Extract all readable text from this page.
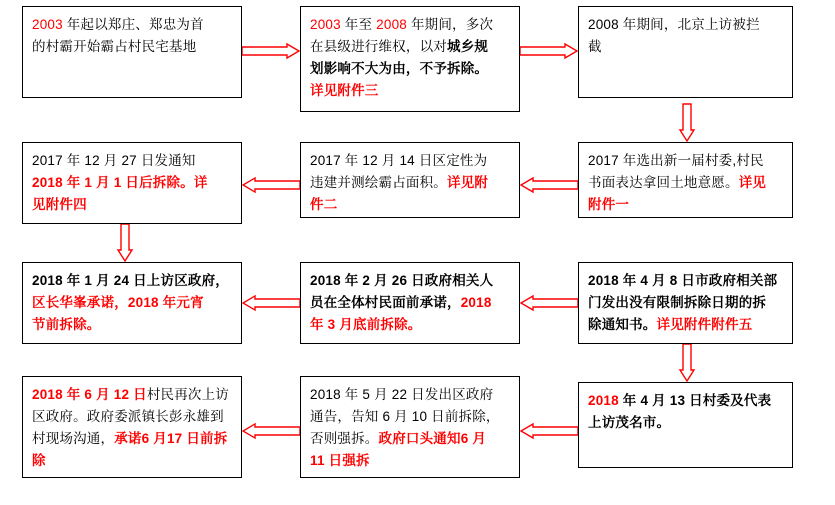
2003 年起以郑庄、郑忠为首

的村霸开始霸占村民宅基地

2003 年至 2008 年期间，多次

在县级进行维权，以对城乡规

划影响不大为由，不予拆除。

详见附件三

2008 年期间，北京上访被拦

截

2017 年选出新一届村委,村民

书面表达拿回土地意愿。详见

附件一

2017 年 12 月 14 日区定性为

违建并测绘霸占面积。详见附

件二

2017 年 12 月 27 日发通知

2018 年 1 月 1 日后拆除。详

见附件四

2018 年 1 月 24 日上访区政府，

区长华峯承诺，2018 年元宵

节前拆除。

2018 年 2 月 26 日政府相关人

员在全体村民面前承诺，2018

年 3 月底前拆除。

2018 年 4 月 8 日市政府相关部

门发出没有限制拆除日期的拆

除通知书。详见附件附件五

2018 年 4 月 13 日村委及代表

上访茂名市。

2018 年 5 月 22 日发出区政府

通告，告知 6 月 10 日前拆除，

否则强拆。政府口头通知6 月

11 日强拆

2018 年 6 月 12 日村民再次上访

区政府。政府委派镇长彭永雄到

村现场沟通，承诺6 月17 日前拆

除
